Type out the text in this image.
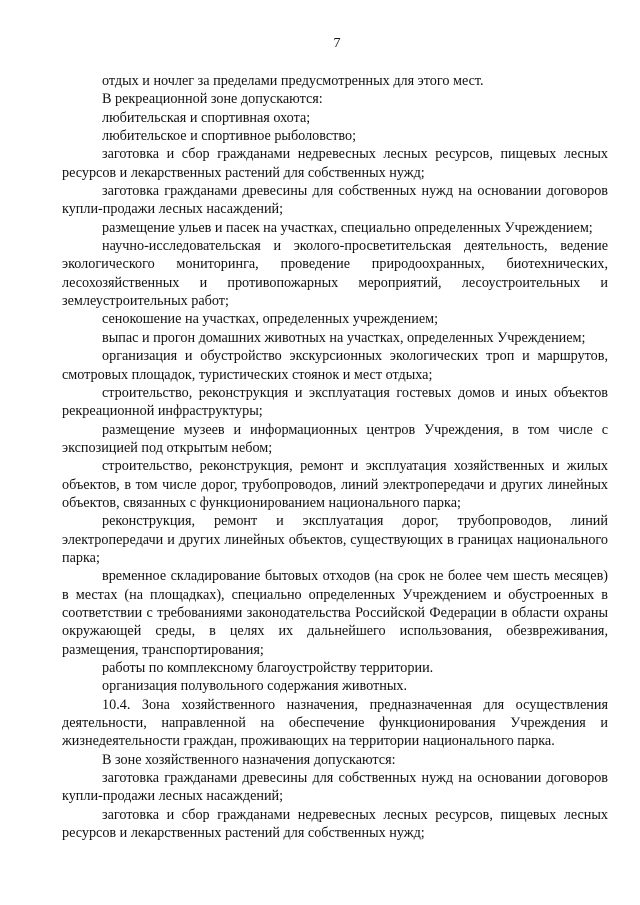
7

отдых и ночлег за пределами предусмотренных для этого мест.

В рекреационной зоне допускаются:

любительская и спортивная охота;

любительское и спортивное рыболовство;

заготовка и сбор гражданами недревесных лесных ресурсов, пищевых лесных ресурсов и лекарственных растений для собственных нужд;

заготовка гражданами древесины для собственных нужд на основании договоров купли-продажи лесных насаждений;

размещение ульев и пасек на участках, специально определенных Учреждением;

научно-исследовательская и эколого-просветительская деятельность, ведение экологического мониторинга, проведение природоохранных, биотехнических, лесохозяйственных и противопожарных мероприятий, лесоустроительных и землеустроительных работ;

сенокошение на участках, определенных учреждением;

выпас и прогон домашних животных на участках, определенных Учреждением;

организация и обустройство экскурсионных экологических троп и маршрутов, смотровых площадок, туристических стоянок и мест отдыха;

строительство, реконструкция и эксплуатация гостевых домов и иных объектов рекреационной инфраструктуры;

размещение музеев и информационных центров Учреждения, в том числе с экспозицией под открытым небом;

строительство, реконструкция, ремонт и эксплуатация хозяйственных и жилых объектов, в том числе дорог, трубопроводов, линий электропередачи и других линейных объектов, связанных с функционированием национального парка;

реконструкция, ремонт и эксплуатация дорог, трубопроводов, линий электропередачи и других линейных объектов, существующих в границах национального парка;

временное складирование бытовых отходов (на срок не более чем шесть месяцев) в местах (на площадках), специально определенных Учреждением и обустроенных в соответствии с требованиями законодательства Российской Федерации в области охраны окружающей среды, в целях их дальнейшего использования, обезвреживания, размещения, транспортирования;

работы по комплексному благоустройству территории.

организация полувольного содержания животных.

10.4. Зона хозяйственного назначения, предназначенная для осуществления деятельности, направленной на обеспечение функционирования Учреждения и жизнедеятельности граждан, проживающих на территории национального парка.

В зоне хозяйственного назначения допускаются:

заготовка гражданами древесины для собственных нужд на основании договоров купли-продажи лесных насаждений;

заготовка и сбор гражданами недревесных лесных ресурсов, пищевых лесных ресурсов и лекарственных растений для собственных нужд;
